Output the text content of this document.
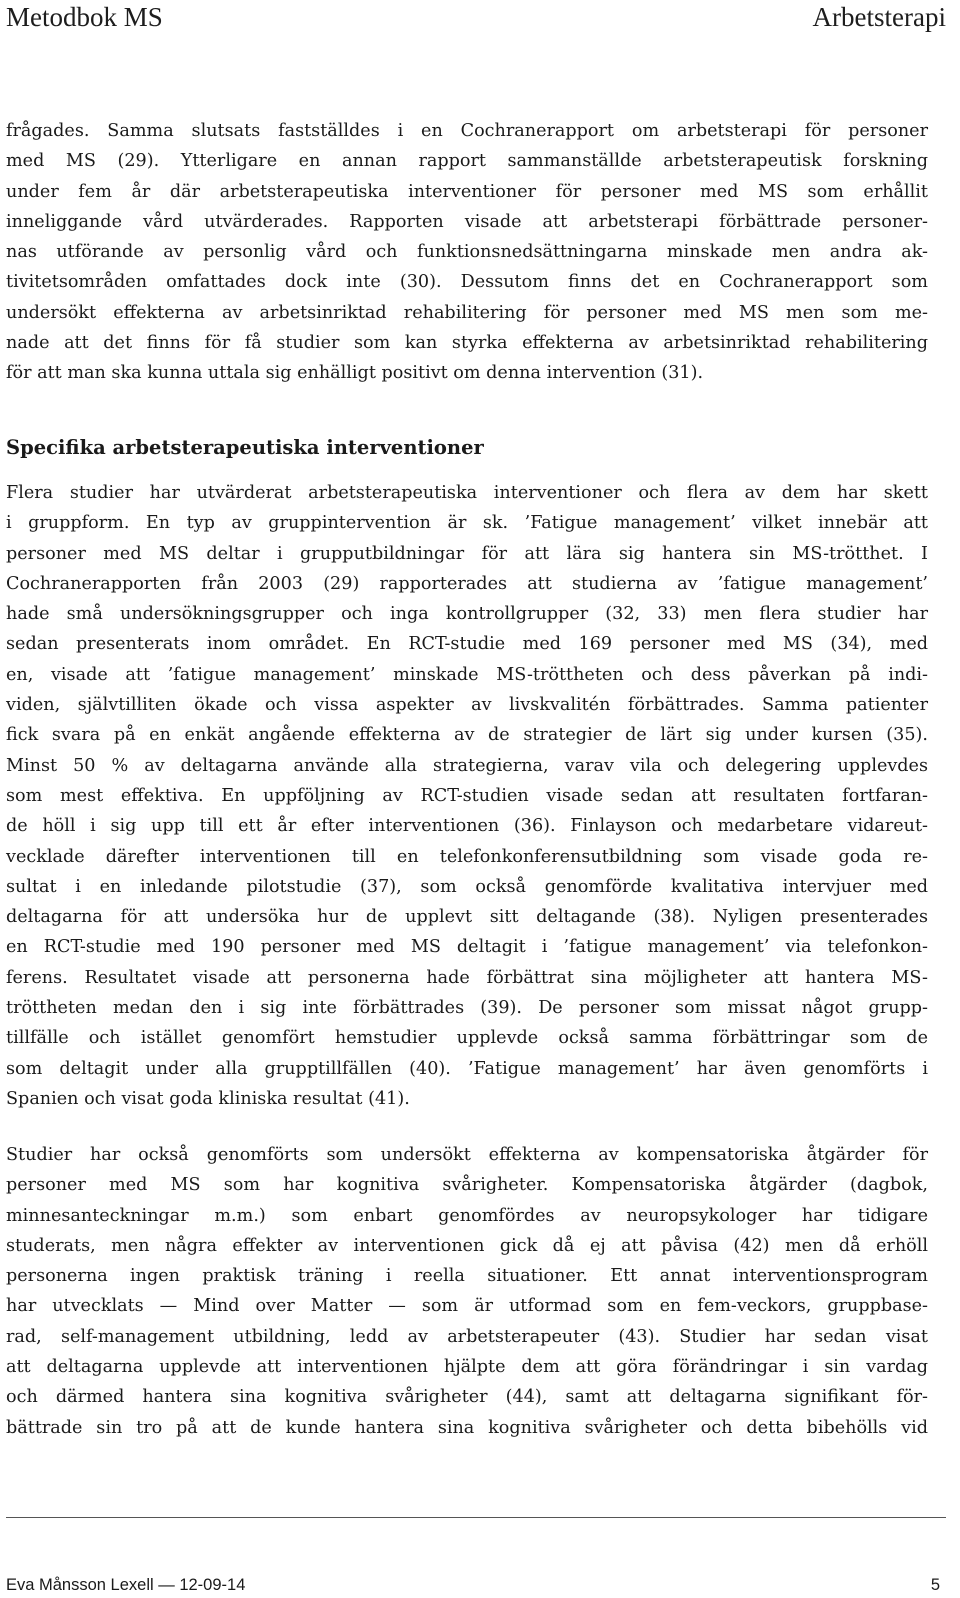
Metodbok MS	Arbetsterapi
frågades. Samma slutsats fastställdes i en Cochranerapport om arbetsterapi för personer
med MS (29). Ytterligare en annan rapport sammanställde arbetsterapeutisk forskning
under fem år där arbetsterapeutiska interventioner för personer med MS som erhållit
inneliggande vård utvärderades. Rapporten visade att arbetsterapi förbättrade personer-
nas utförande av personlig vård och funktionsnedsättningarna minskade men andra ak-
tivitetsområden omfattades dock inte (30). Dessutom finns det en Cochranerapport som
undersökt effekterna av arbetsinriktad rehabilitering för personer med MS men som me-
nade att det finns för få studier som kan styrka effekterna av arbetsinriktad rehabilitering
för att man ska kunna uttala sig enhälligt positivt om denna intervention (31).
Specifika arbetsterapeutiska interventioner
Flera studier har utvärderat arbetsterapeutiska interventioner och flera av dem har skett
i gruppform. En typ av gruppintervention är sk. ’Fatigue management’ vilket innebär att
personer med MS deltar i grupputbildningar för att lära sig hantera sin MS-trötthet. I
Cochranerapporten från 2003 (29) rapporterades att studierna av ’fatigue management’
hade små undersökningsgrupper och inga kontrollgrupper (32, 33) men flera studier har
sedan presenterats inom området. En RCT-studie med 169 personer med MS (34), med
en, visade att ’fatigue management’ minskade MS-tröttheten och dess påverkan på indi-
viden, självtilliten ökade och vissa aspekter av livskvalitén förbättrades. Samma patienter
fick svara på en enkät angående effekterna av de strategier de lärt sig under kursen (35).
Minst 50 % av deltagarna använde alla strategierna, varav vila och delegering upplevdes
som mest effektiva. En uppföljning av RCT-studien visade sedan att resultaten fortfaran-
de höll i sig upp till ett år efter interventionen (36). Finlayson och medarbetare vidareut-
vecklade därefter interventionen till en telefonkonferensutbildning som visade goda re-
sultat i en inledande pilotstudie (37), som också genomförde kvalitativa intervjuer med
deltagarna för att undersöka hur de upplevt sitt deltagande (38). Nyligen presenterades
en RCT-studie med 190 personer med MS deltagit i ’fatigue management’ via telefonkon-
ferens. Resultatet visade att personerna hade förbättrat sina möjligheter att hantera MS-
tröttheten medan den i sig inte förbättrades (39). De personer som missat något grupp-
tillfälle och istället genomfört hemstudier upplevde också samma förbättringar som de
som deltagit under alla grupptillfällen (40). ’Fatigue management’ har även genomförts i
Spanien och visat goda kliniska resultat (41).
Studier har också genomförts som undersökt effekterna av kompensatoriska åtgärder för
personer med MS som har kognitiva svårigheter. Kompensatoriska åtgärder (dagbok,
minnesanteckningar m.m.) som enbart genomfördes av neuropsykologer har tidigare
studerats, men några effekter av interventionen gick då ej att påvisa (42) men då erhöll
personerna ingen praktisk träning i reella situationer. Ett annat interventionsprogram
har utvecklats — Mind over Matter — som är utformad som en fem-veckors, gruppbase-
rad, self-management utbildning, ledd av arbetsterapeuter (43). Studier har sedan visat
att deltagarna upplevde att interventionen hjälpte dem att göra förändringar i sin vardag
och därmed hantera sina kognitiva svårigheter (44), samt att deltagarna signifikant för-
bättrade sin tro på att de kunde hantera sina kognitiva svårigheter och detta bibehölls vid
Eva Månsson Lexell — 12-09-14	5
